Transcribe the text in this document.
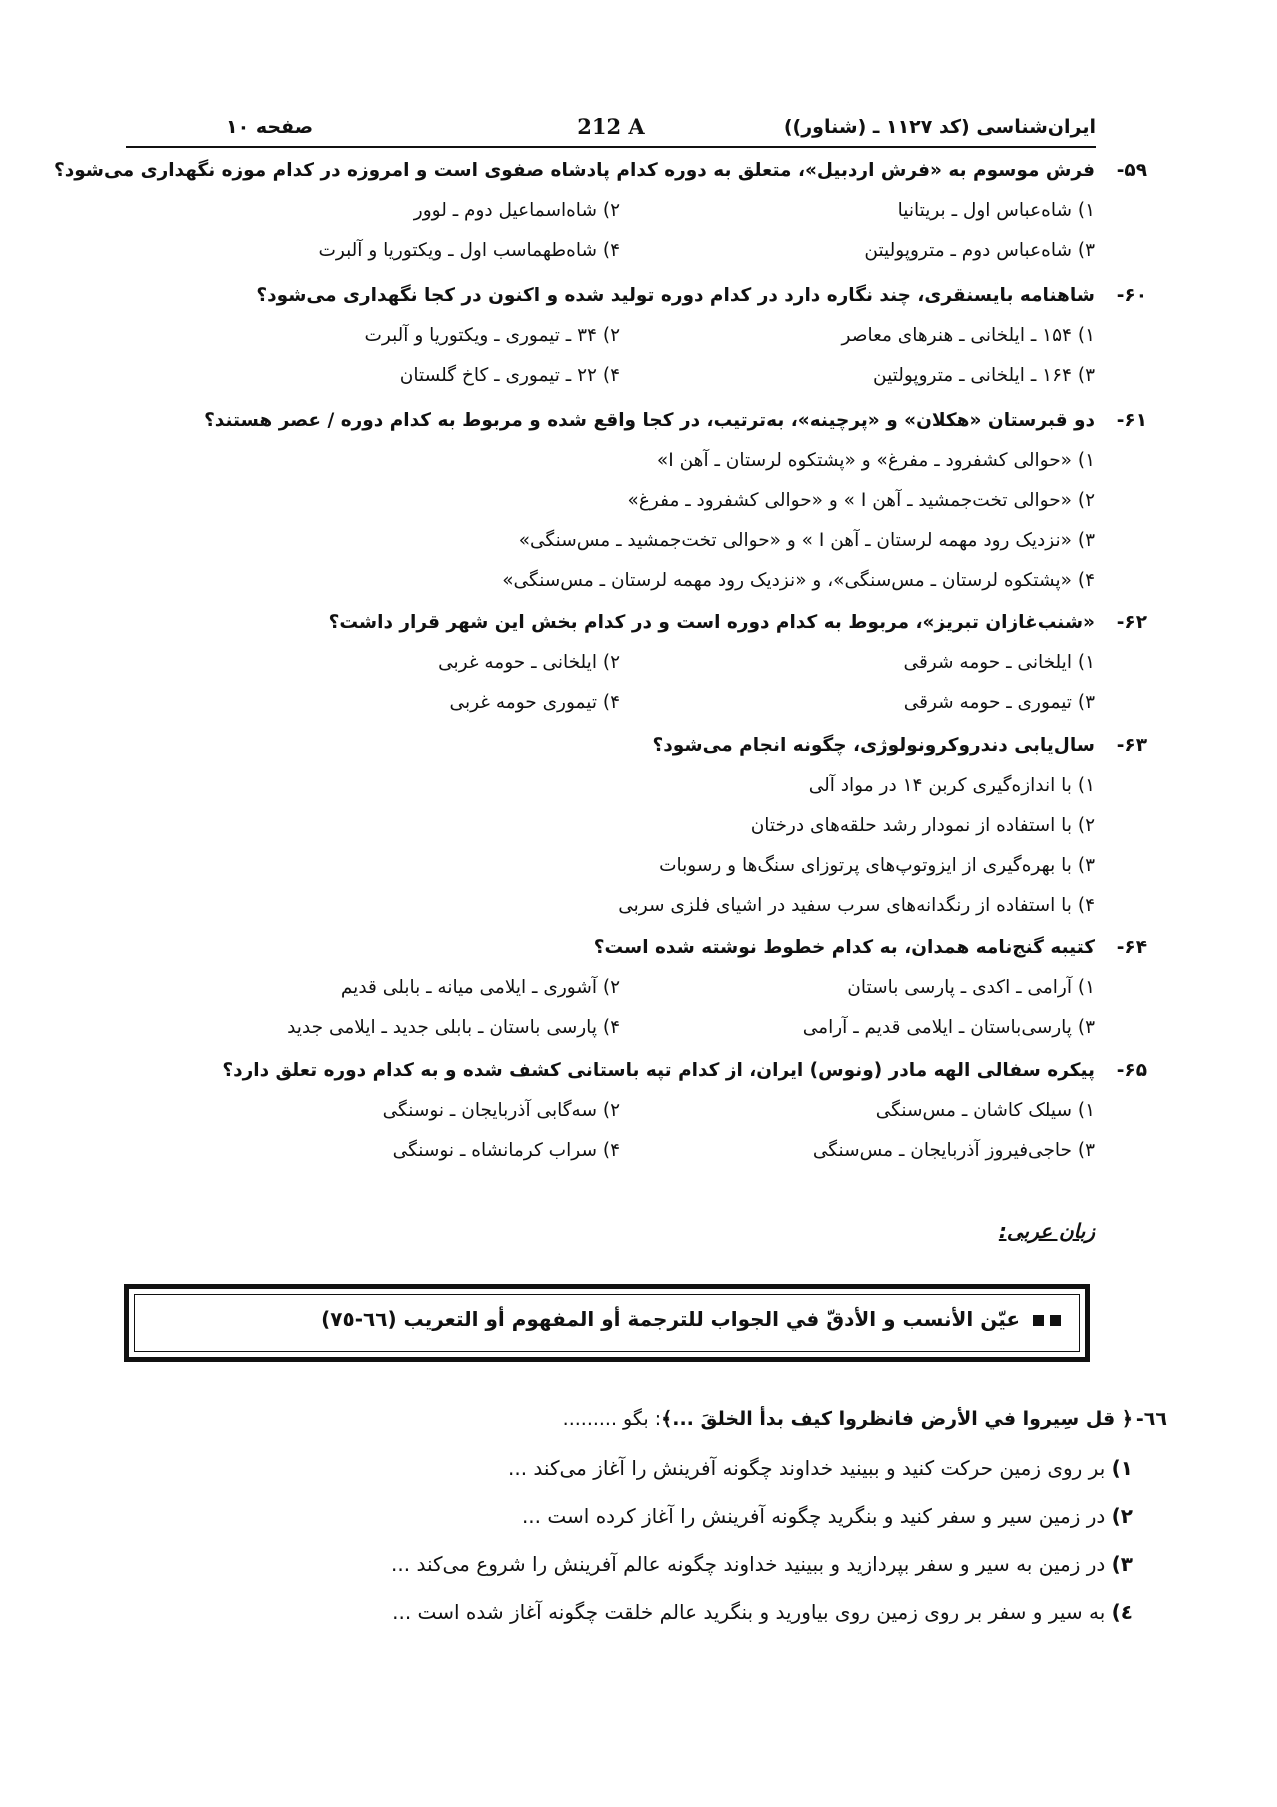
ایران‌شناسی (کد ۱۱۲۷ ـ (شناور))
212 A
صفحه ۱۰
۵۹-
فرش موسوم به «فرش اردبیل»، متعلق به دوره کدام پادشاه صفوی است و امروزه در کدام موزه نگهداری می‌شود؟
۱) شاه‌عباس اول ـ بریتانیا
۲) شاه‌اسماعیل دوم ـ لوور
۳) شاه‌عباس دوم ـ متروپولیتن
۴) شاه‌طهماسب اول ـ ویکتوریا و آلبرت
۶۰-
شاهنامه بایسنقری، چند نگاره دارد در کدام دوره تولید شده و اکنون در کجا نگهداری می‌شود؟
۱) ۱۵۴ ـ ایلخانی ـ هنرهای معاصر
۲) ۳۴ ـ تیموری ـ ویکتوریا و آلبرت
۳) ۱۶۴ ـ ایلخانی ـ متروپولتین
۴) ۲۲ ـ تیموری ـ کاخ گلستان
۶۱-
دو قبرستان «هکلان» و «پرچینه»، به‌ترتیب، در کجا واقع شده و مربوط به کدام دوره / عصر هستند؟
۱) «حوالی کشفرود ـ مفرغ» و «پشتکوه لرستان ـ آهن I»
۲) «حوالی تخت‌جمشید ـ آهن I » و «حوالی کشفرود ـ مفرغ»
۳) «نزدیک رود مهمه لرستان ـ آهن I » و «حوالی تخت‌جمشید ـ مس‌سنگی»
۴) «پشتکوه لرستان ـ مس‌سنگی»، و «نزدیک رود مهمه لرستان ـ مس‌سنگی»
۶۲-
«شنب‌غازان تبریز»، مربوط به کدام دوره است و در کدام بخش این شهر قرار داشت؟
۱) ایلخانی ـ حومه شرقی
۲) ایلخانی ـ حومه غربی
۳) تیموری ـ حومه شرقی
۴) تیموری حومه غربی
۶۳-
سال‌یابی دندروکرونولوژی، چگونه انجام می‌شود؟
۱) با اندازه‌گیری کربن ۱۴ در مواد آلی
۲) با استفاده از نمودار رشد حلقه‌های درختان
۳) با بهره‌گیری از ایزوتوپ‌های پرتوزای سنگ‌ها و رسوبات
۴) با استفاده از رنگدانه‌های سرب سفید در اشیای فلزی سربی
۶۴-
کتیبه گنج‌نامه همدان، به کدام خطوط نوشته شده است؟
۱) آرامی ـ اکدی ـ پارسی باستان
۲) آشوری ـ ایلامی میانه ـ بابلی قدیم
۳) پارسی‌باستان ـ ایلامی قدیم ـ آرامی
۴) پارسی باستان ـ بابلی جدید ـ ایلامی جدید
۶۵-
پیکره سفالی الهه مادر (ونوس) ایران، از کدام تپه باستانی کشف شده و به کدام دوره تعلق دارد؟
۱) سیلک کاشان ـ مس‌سنگی
۲) سه‌گابی آذربایجان ـ نوسنگی
۳) حاجی‌فیروز آذربایجان ـ مس‌سنگی
۴) سراب کرمانشاه ـ نوسنگی
زبان عربی:
عیّن الأنسب و الأدقّ في الجواب للترجمة أو المفهوم أو التعریب (٦٦-٧٥)
٦٦-
﴿ قل سِیروا في الأرض فانظروا کیف بدأ الخلقَ ...﴾: بگو .........
١) بر روی زمین حرکت کنید و ببینید خداوند چگونه آفرینش را آغاز می‌کند ...
٢) در زمین سیر و سفر کنید و بنگرید چگونه آفرینش را آغاز کرده است ...
٣) در زمین به سیر و سفر بپردازید و ببینید خداوند چگونه عالم آفرینش را شروع می‌کند ...
٤) به سیر و سفر بر روی زمین روی بیاورید و بنگرید عالم خلقت چگونه آغاز شده است ...
